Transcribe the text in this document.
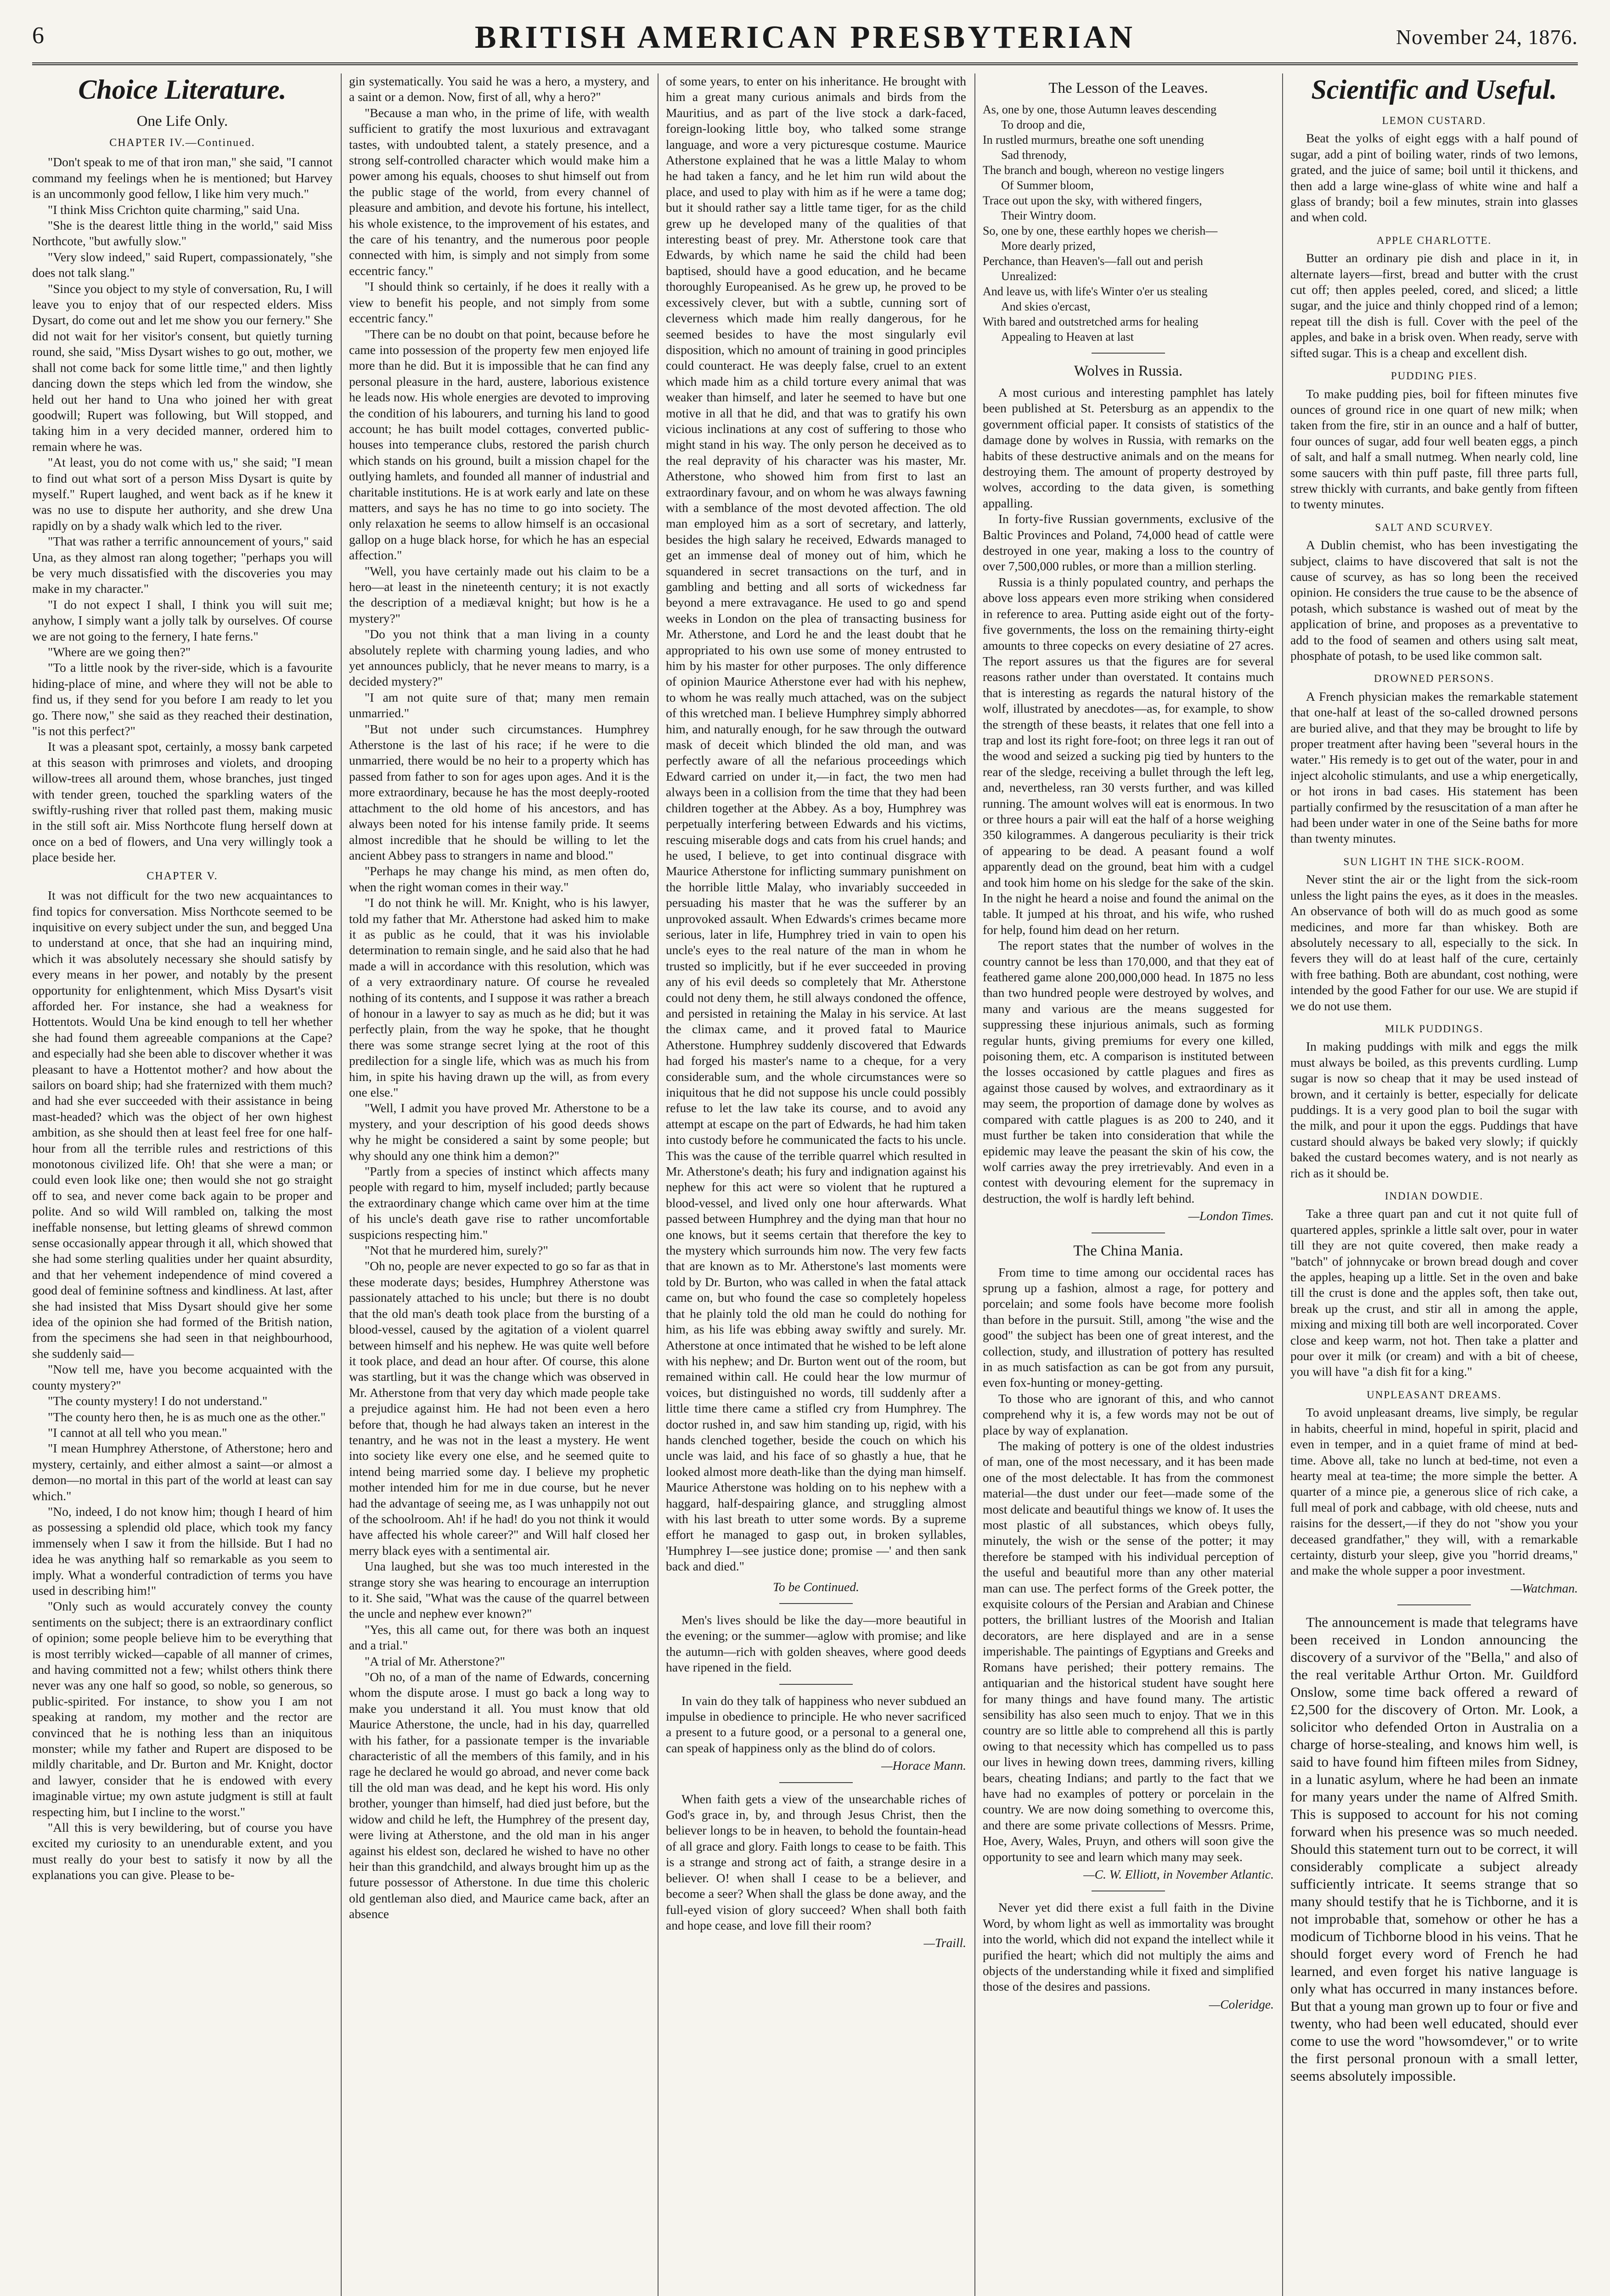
6	BRITISH AMERICAN PRESBYTERIAN	November 24, 1876.
Choice Literature.
One Life Only.
CHAPTER IV.—Continued.

"Don't speak to me of that iron man," she said, "I cannot command my feelings when he is mentioned; but Harvey is an uncommonly good fellow, I like him very much."

"I think Miss Crichton quite charming," said Una.

"She is the dearest little thing in the world," said Miss Northcote, "but awfully slow."

"Very slow indeed," said Rupert, compassionately, "she does not talk slang."

"Since you object to my style of conversation, Ru, I will leave you to enjoy that of our respected elders. Miss Dysart, do come out and let me show you our fernery." She did not wait for her visitor's consent, but quietly turning round, she said, "Miss Dysart wishes to go out, mother, we shall not come back for some little time," and then lightly dancing down the steps which led from the window, she held out her hand to Una who joined her with great goodwill; Rupert was following, but Will stopped, and taking him in a very decided manner, ordered him to remain where he was.

"At least, you do not come with us," she said; "I mean to find out what sort of a person Miss Dysart is quite by myself." Rupert laughed, and went back as if he knew it was no use to dispute her authority, and she drew Una rapidly on by a shady walk which led to the river.

"That was rather a terrific announcement of yours," said Una, as they almost ran along together; "perhaps you will be very much dissatisfied with the discoveries you may make in my character."

"I do not expect I shall, I think you will suit me; anyhow, I simply want a jolly talk by ourselves. Of course we are not going to the fernery, I hate ferns."

"Where are we going then?"

"To a little nook by the river-side, which is a favourite hiding-place of mine, and where they will not be able to find us, if they send for you before I am ready to let you go. There now," she said as they reached their destination, "is not this perfect?"

It was a pleasant spot, certainly, a mossy bank carpeted at this season with primroses and violets, and drooping willow-trees all around them, whose branches, just tinged with tender green, touched the sparkling waters of the swiftly-rushing river that rolled past them, making music in the still soft air. Miss Northcote flung herself down at once on a bed of flowers, and Una very willingly took a place beside her.

CHAPTER V.

It was not difficult for the two new acquaintances to find topics for conversation. Miss Northcote seemed to be inquisitive on every subject under the sun, and begged Una to understand at once, that she had an inquiring mind, which it was absolutely necessary she should satisfy by every means in her power, and notably by the present opportunity for enlightenment, which Miss Dysart's visit afforded her. For instance, she had a weakness for Hottentots. Would Una be kind enough to tell her whether she had found them agreeable companions at the Cape? and especially had she been able to discover whether it was pleasant to have a Hottentot mother? and how about the sailors on board ship; had she fraternized with them much? and had she ever succeeded with their assistance in being mast-headed? which was the object of her own highest ambition, as she should then at least feel free for one half-hour from all the terrible rules and restrictions of this monotonous civilized life. Oh! that she were a man; or could even look like one; then would she not go straight off to sea, and never come back again to be proper and polite. And so wild Will rambled on, talking the most ineffable nonsense, but letting gleams of shrewd common sense occasionally appear through it all, which showed that she had some sterling qualities under her quaint absurdity, and that her vehement independence of mind covered a good deal of feminine softness and kindliness. At last, after she had insisted that Miss Dysart should give her some idea of the opinion she had formed of the British nation, from the specimens she had seen in that neighbourhood, she suddenly said—

"Now tell me, have you become acquainted with the county mystery?"

"The county mystery! I do not understand."

"The county hero then, he is as much one as the other."

"I cannot at all tell who you mean."

"I mean Humphrey Atherstone, of Atherstone; hero and mystery, certainly, and either almost a saint—or almost a demon—no mortal in this part of the world at least can say which."

"No, indeed, I do not know him; though I heard of him as possessing a splendid old place, which took my fancy immensely when I saw it from the hillside. But I had no idea he was anything half so remarkable as you seem to imply. What a wonderful contradiction of terms you have used in describing him!"

"Only such as would accurately convey the county sentiments on the subject; there is an extraordinary conflict of opinion; some people believe him to be everything that is most terribly wicked—capable of all manner of crimes, and having committed not a few; whilst others think there never was any one half so good, so noble, so generous, so public-spirited. For instance, to show you I am not speaking at random, my mother and the rector are convinced that he is nothing less than an iniquitous monster; while my father and Rupert are disposed to be mildly charitable, and Dr. Burton and Mr. Knight, doctor and lawyer, consider that he is endowed with every imaginable virtue; my own astute judgment is still at fault respecting him, but I incline to the worst."

"All this is very bewildering, but of course you have excited my curiosity to an unendurable extent, and you must really do your best to satisfy it now by all the explanations you can give. Please to be-

gin systematically. You said he was a hero, a mystery, and a saint or a demon. Now, first of all, why a hero?"

"Because a man who, in the prime of life, with wealth sufficient to gratify the most luxurious and extravagant tastes, with undoubted talent, a stately presence, and a strong self-controlled character which would make him a power among his equals, chooses to shut himself out from the public stage of the world, from every channel of pleasure and ambition, and devote his fortune, his intellect, his whole existence, to the improvement of his estates, and the care of his tenantry, and the numerous poor people connected with him, is simply and not simply from some eccentric fancy."

"I should think so certainly, if he does it really with a view to benefit his people, and not simply from some eccentric fancy."

"There can be no doubt on that point, because before he came into possession of the property few men enjoyed life more than he did. But it is impossible that he can find any personal pleasure in the hard, austere, laborious existence he leads now. His whole energies are devoted to improving the condition of his labourers, and turning his land to good account; he has built model cottages, converted public-houses into temperance clubs, restored the parish church which stands on his ground, built a mission chapel for the outlying hamlets, and founded all manner of industrial and charitable institutions. He is at work early and late on these matters, and says he has no time to go into society. The only relaxation he seems to allow himself is an occasional gallop on a huge black horse, for which he has an especial affection."

"Well, you have certainly made out his claim to be a hero—at least in the nineteenth century; it is not exactly the description of a mediæval knight; but how is he a mystery?"

"Do you not think that a man living in a county absolutely replete with charming young ladies, and who yet announces publicly, that he never means to marry, is a decided mystery?"

"I am not quite sure of that; many men remain unmarried."

"But not under such circumstances. Humphrey Atherstone is the last of his race; if he were to die unmarried, there would be no heir to a property which has passed from father to son for ages upon ages. And it is the more extraordinary, because he has the most deeply-rooted attachment to the old home of his ancestors, and has always been noted for his intense family pride. It seems almost incredible that he should be willing to let the ancient Abbey pass to strangers in name and blood."

"Perhaps he may change his mind, as men often do, when the right woman comes in their way."

"I do not think he will. Mr. Knight, who is his lawyer, told my father that Mr. Atherstone had asked him to make it as public as he could, that it was his inviolable determination to remain single, and he said also that he had made a will in accordance with this resolution, which was of a very extraordinary nature. Of course he revealed nothing of its contents, and I suppose it was rather a breach of honour in a lawyer to say as much as he did; but it was perfectly plain, from the way he spoke, that he thought there was some strange secret lying at the root of this predilection for a single life, which was as much his from him, in spite his having drawn up the will, as from every one else."

"Well, I admit you have proved Mr. Atherstone to be a mystery, and your description of his good deeds shows why he might be considered a saint by some people; but why should any one think him a demon?"

"Partly from a species of instinct which affects many people with regard to him, myself included; partly because the extraordinary change which came over him at the time of his uncle's death gave rise to rather uncomfortable suspicions respecting him."

"Not that he murdered him, surely?"

"Oh no, people are never expected to go so far as that in these moderate days; besides, Humphrey Atherstone was passionately attached to his uncle; but there is no doubt that the old man's death took place from the bursting of a blood-vessel, caused by the agitation of a violent quarrel between himself and his nephew. He was quite well before it took place, and dead an hour after. Of course, this alone was startling, but it was the change which was observed in Mr. Atherstone from that very day which made people take a prejudice against him. He had not been even a hero before that, though he had always taken an interest in the tenantry, and he was not in the least a mystery. He went into society like every one else, and he seemed quite to intend being married some day. I believe my prophetic mother intended him for me in due course, but he never had the advantage of seeing me, as I was unhappily not out of the schoolroom. Ah! if he had! do you not think it would have affected his whole career?" and Will half closed her merry black eyes with a sentimental air.

Una laughed, but she was too much interested in the strange story she was hearing to encourage an interruption to it. She said, "What was the cause of the quarrel between the uncle and nephew ever known?"

"Yes, this all came out, for there was both an inquest and a trial."

"A trial of Mr. Atherstone?"

"Oh no, of a man of the name of Edwards, concerning whom the dispute arose. I must go back a long way to make you understand it all. You must know that old Maurice Atherstone, the uncle, had in his day, quarrelled with his father, for a passionate temper is the invariable characteristic of all the members of this family, and in his rage he declared he would go abroad, and never come back till the old man was dead, and he kept his word. His only brother, younger than himself, had died just before, but the widow and child he left, the Humphrey of the present day, were living at Atherstone, and the old man in his anger against his eldest son, declared he wished to have no other heir than this grandchild, and always brought him up as the future possessor of Atherstone. In due time this choleric old gentleman also died, and Maurice came back, after an absence

of some years, to enter on his inheritance. He brought with him a great many curious animals and birds from the Mauritius, and as part of the live stock a dark-faced, foreign-looking little boy, who talked some strange language, and wore a very picturesque costume. Maurice Atherstone explained that he was a little Malay to whom he had taken a fancy, and he let him run wild about the place, and used to play with him as if he were a tame dog; but it should rather say a little tame tiger, for as the child grew up he developed many of the qualities of that interesting beast of prey. Mr. Atherstone took care that Edwards, by which name he said the child had been baptised, should have a good education, and he became thoroughly Europeanised. As he grew up, he proved to be excessively clever, but with a subtle, cunning sort of cleverness which made him really dangerous, for he seemed besides to have the most singularly evil disposition, which no amount of training in good principles could counteract. He was deeply false, cruel to an extent which made him as a child torture every animal that was weaker than himself, and later he seemed to have but one motive in all that he did, and that was to gratify his own vicious inclinations at any cost of suffering to those who might stand in his way. The only person he deceived as to the real depravity of his character was his master, Mr. Atherstone, who showed him from first to last an extraordinary favour, and on whom he was always fawning with a semblance of the most devoted affection. The old man employed him as a sort of secretary, and latterly, besides the high salary he received, Edwards managed to get an immense deal of money out of him, which he squandered in secret transactions on the turf, and in gambling and betting and all sorts of wickedness far beyond a mere extravagance. He used to go and spend weeks in London on the plea of transacting business for Mr. Atherstone, and Lord he and the least doubt that he appropriated to his own use some of money entrusted to him by his master for other purposes. The only difference of opinion Maurice Atherstone ever had with his nephew, to whom he was really much attached, was on the subject of this wretched man. I believe Humphrey simply abhorred him, and naturally enough, for he saw through the outward mask of deceit which blinded the old man, and was perfectly aware of all the nefarious proceedings which Edward carried on under it,—in fact, the two men had always been in a collision from the time that they had been children together at the Abbey. As a boy, Humphrey was perpetually interfering between Edwards and his victims, rescuing miserable dogs and cats from his cruel hands; and he used, I believe, to get into continual disgrace with Maurice Atherstone for inflicting summary punishment on the horrible little Malay, who invariably succeeded in persuading his master that he was the sufferer by an unprovoked assault. When Edwards's crimes became more serious, later in life, Humphrey tried in vain to open his uncle's eyes to the real nature of the man in whom he trusted so implicitly, but if he ever succeeded in proving any of his evil deeds so completely that Mr. Atherstone could not deny them, he still always condoned the offence, and persisted in retaining the Malay in his service. At last the climax came, and it proved fatal to Maurice Atherstone. Humphrey suddenly discovered that Edwards had forged his master's name to a cheque, for a very considerable sum, and the whole circumstances were so iniquitous that he did not suppose his uncle could possibly refuse to let the law take its course, and to avoid any attempt at escape on the part of Edwards, he had him taken into custody before he communicated the facts to his uncle. This was the cause of the terrible quarrel which resulted in Mr. Atherstone's death; his fury and indignation against his nephew for this act were so violent that he ruptured a blood-vessel, and lived only one hour afterwards. What passed between Humphrey and the dying man that hour no one knows, but it seems certain that therefore the key to the mystery which surrounds him now. The very few facts that are known as to Mr. Atherstone's last moments were told by Dr. Burton, who was called in when the fatal attack came on, but who found the case so completely hopeless that he plainly told the old man he could do nothing for him, as his life was ebbing away swiftly and surely. Mr. Atherstone at once intimated that he wished to be left alone with his nephew; and Dr. Burton went out of the room, but remained within call. He could hear the low murmur of voices, but distinguished no words, till suddenly after a little time there came a stifled cry from Humphrey. The doctor rushed in, and saw him standing up, rigid, with his hands clenched together, beside the couch on which his uncle was laid, and his face of so ghastly a hue, that he looked almost more death-like than the dying man himself. Maurice Atherstone was holding on to his nephew with a haggard, half-despairing glance, and struggling almost with his last breath to utter some words. By a supreme effort he managed to gasp out, in broken syllables, 'Humphrey I—see justice done; promise —' and then sank back and died."

To be Continued.

Men's lives should be like the day—more beautiful in the evening; or the summer—aglow with promise; and like the autumn—rich with golden sheaves, where good deeds have ripened in the field.

In vain do they talk of happiness who never subdued an impulse in obedience to principle. He who never sacrificed a present to a future good, or a personal to a general one, can speak of happiness only as the blind do of colors.

—Horace Mann.

When faith gets a view of the unsearchable riches of God's grace in, by, and through Jesus Christ, then the believer longs to be in heaven, to behold the fountain-head of all grace and glory. Faith longs to cease to be faith. This is a strange and strong act of faith, a strange desire in a believer. O! when shall I cease to be a believer, and become a seer? When shall the glass be done away, and the full-eyed vision of glory succeed? When shall both faith and hope cease, and love fill their room?

—Traill.
The Lesson of the Leaves.
As, one by one, those Autumn leaves descending
To droop and die,
In rustled murmurs, breathe one soft unending
Sad threnody,
The branch and bough, whereon no vestige lingers
Of Summer bloom,
Trace out upon the sky, with withered fingers,
Their Wintry doom.
So, one by one, these earthly hopes we cherish—
More dearly prized,
Perchance, than Heaven's—fall out and perish
Unrealized:
And leave us, with life's Winter o'er us stealing
And skies o'ercast,
With bared and outstretched arms for healing
Appealing to Heaven at last
Wolves in Russia.

A most curious and interesting pamphlet has lately been published at St. Petersburg as an appendix to the government official paper. It consists of statistics of the damage done by wolves in Russia, with remarks on the habits of these destructive animals and on the means for destroying them. The amount of property destroyed by wolves, according to the data given, is something appalling.

In forty-five Russian governments, exclusive of the Baltic Provinces and Poland, 74,000 head of cattle were destroyed in one year, making a loss to the country of over 7,500,000 rubles, or more than a million sterling.

Russia is a thinly populated country, and perhaps the above loss appears even more striking when considered in reference to area. Putting aside eight out of the forty-five governments, the loss on the remaining thirty-eight amounts to three copecks on every desiatine of 27 acres. The report assures us that the figures are for several reasons rather under than overstated. It contains much that is interesting as regards the natural history of the wolf, illustrated by anecdotes—as, for example, to show the strength of these beasts, it relates that one fell into a trap and lost its right fore-foot; on three legs it ran out of the wood and seized a sucking pig tied by hunters to the rear of the sledge, receiving a bullet through the left leg, and, nevertheless, ran 30 versts further, and was killed running. The amount wolves will eat is enormous. In two or three hours a pair will eat the half of a horse weighing 350 kilogrammes. A dangerous peculiarity is their trick of appearing to be dead. A peasant found a wolf apparently dead on the ground, beat him with a cudgel and took him home on his sledge for the sake of the skin. In the night he heard a noise and found the animal on the table. It jumped at his throat, and his wife, who rushed for help, found him dead on her return.

The report states that the number of wolves in the country cannot be less than 170,000, and that they eat of feathered game alone 200,000,000 head. In 1875 no less than two hundred people were destroyed by wolves, and many and various are the means suggested for suppressing these injurious animals, such as forming regular hunts, giving premiums for every one killed, poisoning them, etc. A comparison is instituted between the losses occasioned by cattle plagues and fires as against those caused by wolves, and extraordinary as it may seem, the proportion of damage done by wolves as compared with cattle plagues is as 200 to 240, and it must further be taken into consideration that while the epidemic may leave the peasant the skin of his cow, the wolf carries away the prey irretrievably. And even in a contest with devouring element for the supremacy in destruction, the wolf is hardly left behind.

—London Times.
The China Mania.

From time to time among our occidental races has sprung up a fashion, almost a rage, for pottery and porcelain; and some fools have become more foolish than before in the pursuit. Still, among "the wise and the good" the subject has been one of great interest, and the collection, study, and illustration of pottery has resulted in as much satisfaction as can be got from any pursuit, even fox-hunting or money-getting.

To those who are ignorant of this, and who cannot comprehend why it is, a few words may not be out of place by way of explanation.

The making of pottery is one of the oldest industries of man, one of the most necessary, and it has been made one of the most delectable. It has from the commonest material—the dust under our feet—made some of the most delicate and beautiful things we know of. It uses the most plastic of all substances, which obeys fully, minutely, the wish or the sense of the potter; it may therefore be stamped with his individual perception of the useful and beautiful more than any other material man can use. The perfect forms of the Greek potter, the exquisite colours of the Persian and Arabian and Chinese potters, the brilliant lustres of the Moorish and Italian decorators, are here displayed and are in a sense imperishable. The paintings of Egyptians and Greeks and Romans have perished; their pottery remains. The antiquarian and the historical student have sought here for many things and have found many. The artistic sensibility has also seen much to enjoy. That we in this country are so little able to comprehend all this is partly owing to that necessity which has compelled us to pass our lives in hewing down trees, damming rivers, killing bears, cheating Indians; and partly to the fact that we have had no examples of pottery or porcelain in the country. We are now doing something to overcome this, and there are some private collections of Messrs. Prime, Hoe, Avery, Wales, Pruyn, and others will soon give the opportunity to see and learn which many may seek.

—C. W. Elliott, in November Atlantic.

Never yet did there exist a full faith in the Divine Word, by whom light as well as immortality was brought into the world, which did not expand the intellect while it purified the heart; which did not multiply the aims and objects of the understanding while it fixed and simplified those of the desires and passions.

—Coleridge.
Scientific and Useful.
LEMON CUSTARD.

Beat the yolks of eight eggs with a half pound of sugar, add a pint of boiling water, rinds of two lemons, grated, and the juice of same; boil until it thickens, and then add a large wine-glass of white wine and half a glass of brandy; boil a few minutes, strain into glasses and when cold.

APPLE CHARLOTTE.

Butter an ordinary pie dish and place in it, in alternate layers—first, bread and butter with the crust cut off; then apples peeled, cored, and sliced; a little sugar, and the juice and thinly chopped rind of a lemon; repeat till the dish is full. Cover with the peel of the apples, and bake in a brisk oven. When ready, serve with sifted sugar. This is a cheap and excellent dish.

PUDDING PIES.

To make pudding pies, boil for fifteen minutes five ounces of ground rice in one quart of new milk; when taken from the fire, stir in an ounce and a half of butter, four ounces of sugar, add four well beaten eggs, a pinch of salt, and half a small nutmeg. When nearly cold, line some saucers with thin puff paste, fill three parts full, strew thickly with currants, and bake gently from fifteen to twenty minutes.

SALT AND SCURVEY.

A Dublin chemist, who has been investigating the subject, claims to have discovered that salt is not the cause of scurvey, as has so long been the received opinion. He considers the true cause to be the absence of potash, which substance is washed out of meat by the application of brine, and proposes as a preventative to add to the food of seamen and others using salt meat, phosphate of potash, to be used like common salt.

DROWNED PERSONS.

A French physician makes the remarkable statement that one-half at least of the so-called drowned persons are buried alive, and that they may be brought to life by proper treatment after having been "several hours in the water." His remedy is to get out of the water, pour in and inject alcoholic stimulants, and use a whip energetically, or hot irons in bad cases. His statement has been partially confirmed by the resuscitation of a man after he had been under water in one of the Seine baths for more than twenty minutes.

SUN LIGHT IN THE SICK-ROOM.

Never stint the air or the light from the sick-room unless the light pains the eyes, as it does in the measles. An observance of both will do as much good as some medicines, and more far than whiskey. Both are absolutely necessary to all, especially to the sick. In fevers they will do at least half of the cure, certainly with free bathing. Both are abundant, cost nothing, were intended by the good Father for our use. We are stupid if we do not use them.

MILK PUDDINGS.

In making puddings with milk and eggs the milk must always be boiled, as this prevents curdling. Lump sugar is now so cheap that it may be used instead of brown, and it certainly is better, especially for delicate puddings. It is a very good plan to boil the sugar with the milk, and pour it upon the eggs. Puddings that have custard should always be baked very slowly; if quickly baked the custard becomes watery, and is not nearly as rich as it should be.

INDIAN DOWDIE.

Take a three quart pan and cut it not quite full of quartered apples, sprinkle a little salt over, pour in water till they are not quite covered, then make ready a "batch" of johnnycake or brown bread dough and cover the apples, heaping up a little. Set in the oven and bake till the crust is done and the apples soft, then take out, break up the crust, and stir all in among the apple, mixing and mixing till both are well incorporated. Cover close and keep warm, not hot. Then take a platter and pour over it milk (or cream) and with a bit of cheese, you will have "a dish fit for a king."

UNPLEASANT DREAMS.

To avoid unpleasant dreams, live simply, be regular in habits, cheerful in mind, hopeful in spirit, placid and even in temper, and in a quiet frame of mind at bed-time. Above all, take no lunch at bed-time, not even a hearty meal at tea-time; the more simple the better. A quarter of a mince pie, a generous slice of rich cake, a full meal of pork and cabbage, with old cheese, nuts and raisins for the dessert,—if they do not "show you your deceased grandfather," they will, with a remarkable certainty, disturb your sleep, give you "horrid dreams," and make the whole supper a poor investment.

—Watchman.

The announcement is made that telegrams have been received in London announcing the discovery of a survivor of the "Bella," and also of the real veritable Arthur Orton. Mr. Guildford Onslow, some time back offered a reward of £2,500 for the discovery of Orton. Mr. Look, a solicitor who defended Orton in Australia on a charge of horse-stealing, and knows him well, is said to have found him fifteen miles from Sidney, in a lunatic asylum, where he had been an inmate for many years under the name of Alfred Smith. This is supposed to account for his not coming forward when his presence was so much needed. Should this statement turn out to be correct, it will considerably complicate a subject already sufficiently intricate. It seems strange that so many should testify that he is Tichborne, and it is not improbable that, somehow or other he has a modicum of Tichborne blood in his veins. That he should forget every word of French he had learned, and even forget his native language is only what has occurred in many instances before. But that a young man grown up to four or five and twenty, who had been well educated, should ever come to use the word "howsomdever," or to write the first personal pronoun with a small letter, seems absolutely impossible.
